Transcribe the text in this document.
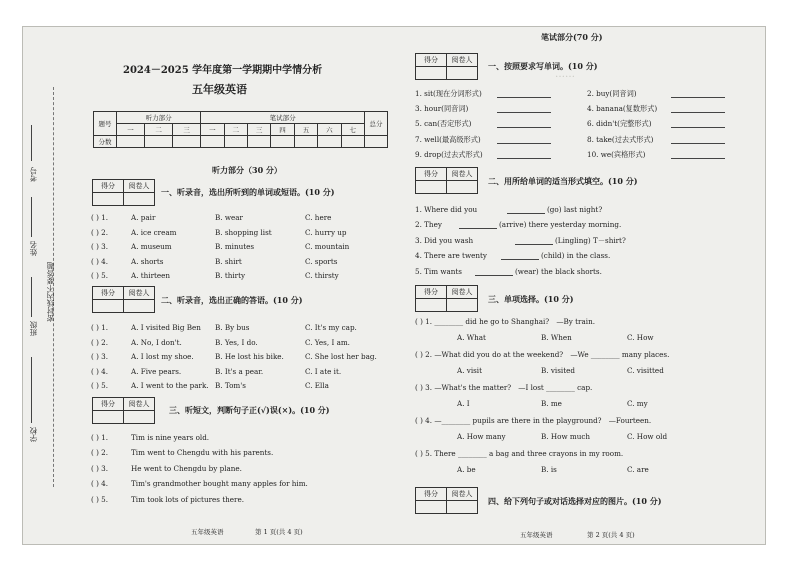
考号
姓名
班级
学校
密封线内不要答题
2024－2025 学年度第一学期期中学情分析
五年级英语
题号	听力部分			笔试部分							总分
	一	二	三	一	二	三	四	五	六	七	
分数											
听力部分（30 分）
得分	阅卷人

一、听录音，选出所听到的单词或短语。(10 分)
( ) 1.	A. pair	B. wear	C. here
( ) 2.	A. ice cream	B. shopping list	C. hurry up
( ) 3.	A. museum	B. minutes	C. mountain
( ) 4.	A. shorts	B. shirt	C. sports
( ) 5.	A. thirteen	B. thirty	C. thirsty
得分	阅卷人

二、听录音，选出正确的答语。(10 分)
( ) 1.	A. I visited Big Ben B. By bus	C. It's my cap.
( ) 2.	A. No, I don't.	B. Yes, I do.	C. Yes, I am.
( ) 3.	A. I lost my shoe.	B. He lost his bike.	C. She lost her bag.
( ) 4.	A. Five pears.	B. It's a pear.	C. I ate it.
( ) 5.	A. I went to the park. B. Tom's	C. Ella
得分	阅卷人

三、听短文，判断句子正(√)误(×)。(10 分)
( ) 1.	Tim is nine years old.
( ) 2.	Tim went to Chengdu with his parents.
( ) 3.	He went to Chengdu by plane.
( ) 4.	Tim's grandmother bought many apples for him.
( ) 5.	Tim took lots of pictures there.
五年级英语	第 1 页(共 4 页)
……
笔试部分(70 分)
得分	阅卷人

一、按照要求写单词。(10 分)
1. sit(现在分词形式)	2. buy(同音词)
3. hour(同音词)	4. banana(复数形式)
5. can(否定形式)	6. didn't(完整形式)
7. well(最高级形式)	8. take(过去式形式)
9. drop(过去式形式)	10. we(宾格形式)
得分	阅卷人

二、用所给单词的适当形式填空。(10 分)
1. Where did you	(go) last night?
2. They	(arrive) there yesterday morning.
3. Did you wash	(Lingling) T－shirt?
4. There are twenty	(child) in the class.
5. Tim wants	(wear) the black shorts.
得分	阅卷人

三、单项选择。(10 分)
( ) 1. ________ did he go to Shanghai?　—By train.
A. What	B. When	C. How
( ) 2. —What did you do at the weekend?　—We ________ many places.
A. visit	B. visited	C. visitted
( ) 3. —What's the matter?　—I lost ________ cap.
A. I	B. me	C. my
( ) 4. —________ pupils are there in the playground?　—Fourteen.
A. How many	B. How much	C. How old
( ) 5. There ________ a bag and three crayons in my room.
A. be	B. is	C. are
得分	阅卷人

四、给下列句子或对话选择对应的图片。(10 分)
五年级英语	第 2 页(共 4 页)
